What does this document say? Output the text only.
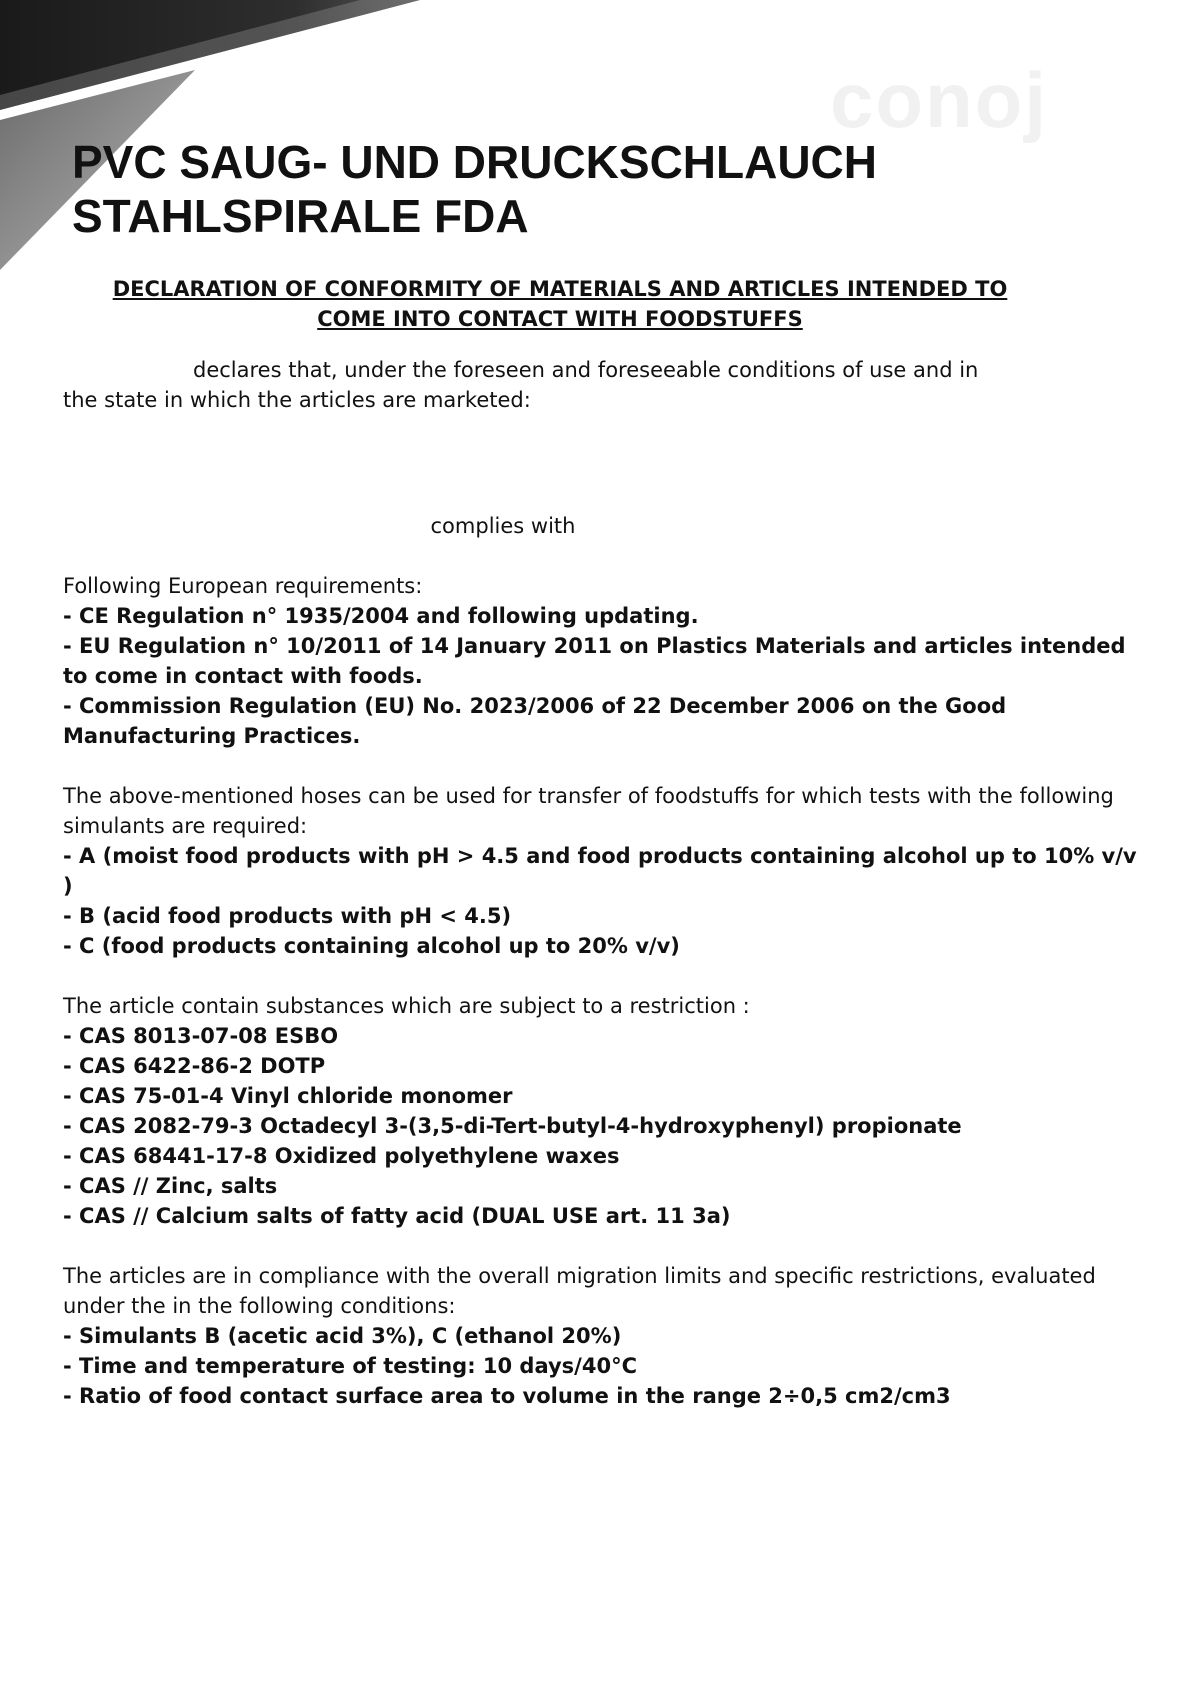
conoj
PVC SAUG- UND DRUCKSCHLAUCH STAHLSPIRALE FDA
DECLARATION OF CONFORMITY OF MATERIALS AND ARTICLES INTENDED TO
COME INTO CONTACT WITH FOODSTUFFS

declares that, under the foreseen and foreseeable conditions of use and in

the state in which the articles are marketed:

complies with

Following European requirements:

- CE Regulation n° 1935/2004 and following updating.
- EU Regulation n° 10/2011 of 14 January 2011 on Plastics Materials and articles intended to come in contact with foods.
- Commission Regulation (EU) No. 2023/2006 of 22 December 2006 on the Good Manufacturing Practices.

The above-mentioned hoses can be used for transfer of foodstuffs for which tests with the following simulants are required:

- A (moist food products with pH > 4.5 and food products containing alcohol up to 10% v/v )
- B (acid food products with pH < 4.5)
- C (food products containing alcohol up to 20% v/v)

The article contain substances which are subject to a restriction :

- CAS 8013-07-08 ESBO
- CAS 6422-86-2 DOTP
- CAS 75-01-4 Vinyl chloride monomer
- CAS 2082-79-3 Octadecyl 3-(3,5-di-Tert-butyl-4-hydroxyphenyl) propionate
- CAS 68441-17-8 Oxidized polyethylene waxes
- CAS // Zinc, salts
- CAS // Calcium salts of fatty acid (DUAL USE art. 11 3a)

The articles are in compliance with the overall migration limits and specific restrictions, evaluated under the in the following conditions:

- Simulants B (acetic acid 3%), C (ethanol 20%)
- Time and temperature of testing: 10 days/40°C
- Ratio of food contact surface area to volume in the range 2÷0,5 cm2/cm3
